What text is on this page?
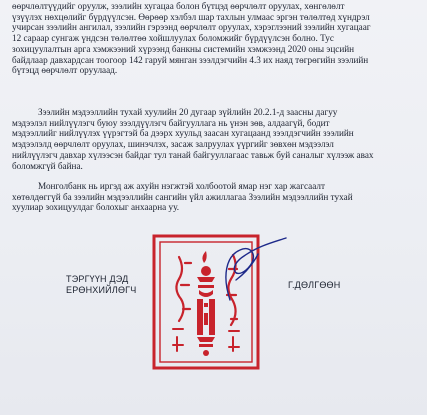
өөрчлөлтүүдийг оруулж, зээлийн хугацаа болон бүтцэд өөрчлөлт оруулах, хөнгөлөлт
үзүүлэх нөхцөлийг бүрдүүлсэн. Өөрөөр хэлбэл шар тахлын улмаас эргэн төлөлтөд хүндрэл
учирсан зээлийн ангилал, зээлийн гэрээнд өөрчлөлт оруулах, хэрэглээний зээлийн хугацааг
12 сараар сунгаж үндсэн төлөлтөө хойшлуулах боломжийг бүрдүүлсэн болно. Тус
зохицуулалтын арга хэмжээний хүрээнд банкны системийн хэмжээнд 2020 оны эцсийн
байдлаар давхардсан тоогоор 142 гаруй мянган зээлдэгчийн 4.3 их наяд төгрөгийн зээлийн
бүтэцд өөрчлөлт оруулаад.

Зээлийн мэдээллийн тухай хуулийн 20 дугаар зүйлийн 20.2.1-д заасны дагуу
мэдээлэл нийлүүлэгч буюу зээлдүүлэгч байгууллага нь үнэн зөв, алдаагүй, бодит
мэдээллийг нийлүүлэх үүрэгтэй ба дээрх хуульд заасан хугацаанд зээлдэгчийн зээлийн
мэдээлэлд өөрчлөлт оруулах, шинэчлэх, засаж залруулах үүргийг зөвхөн мэдээлэл
нийлүүлэгч давхар хүлээсэн байдаг тул танай байгууллагаас тавьж буй саналыг хүлээж авах
боломжгүй байна.

Монголбанк нь иргэд аж ахуйн нэгжтэй холбоотой ямар нэг хар жагсаалт
хөтөлдөггүй ба зээлийн мэдээллийн сангийн үйл ажиллагаа Зээлийн мэдээллийн тухай
хуулиар зохицуулдаг болохыг анхаарна уу.

ТЭРГҮҮН ДЭД
ЕРӨНХИЙЛӨГЧ	Г.ДӨЛГӨӨН
